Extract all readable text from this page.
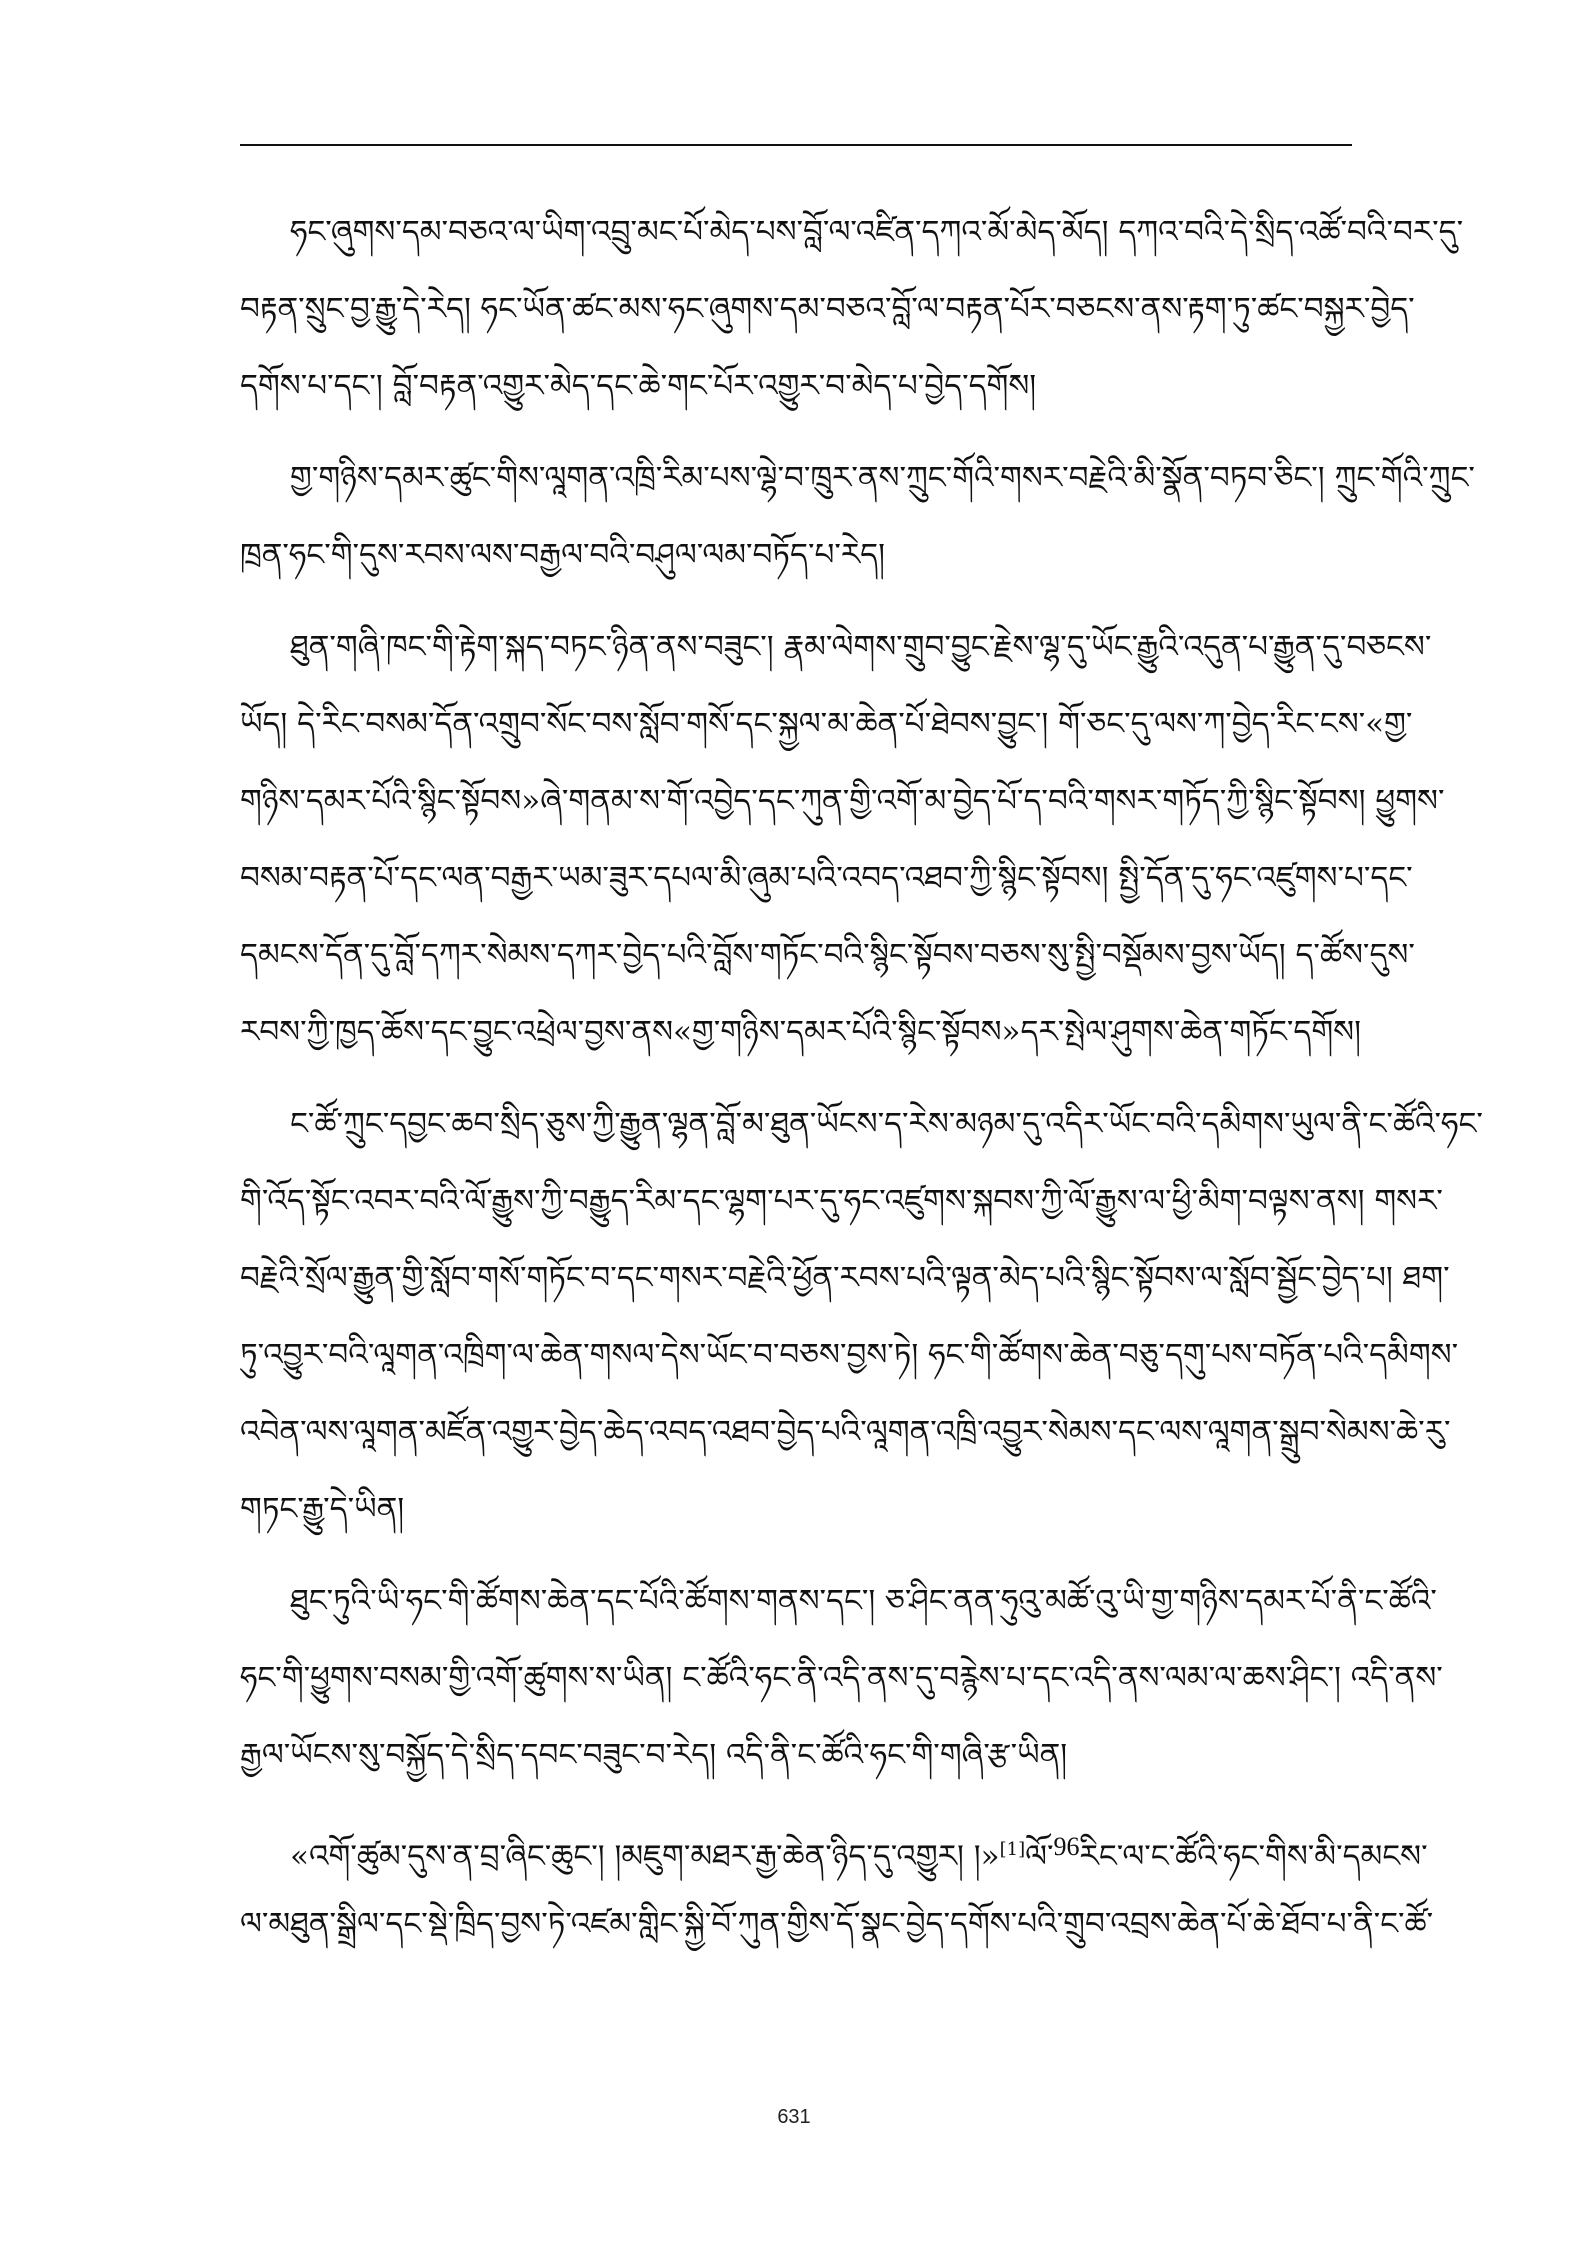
ཧང་ཞུགས་དམ་བཅའ་ལ་ཡིག་འབྲུ་མང་པོ་མེད་པས་བློ་ལ་འཛིན་དཀའ་མོ་མེད་མོད། དཀའ་བའི་དེ་སྲིད་འཚོ་བའི་བར་དུ་
བརྟན་སྲུང་བྱ་རྒྱུ་དེ་རེད། ཧང་ཡོན་ཚང་མས་ཧང་ཞུགས་དམ་བཅའ་བློ་ལ་བརྟན་པོར་བཅངས་ནས་རྟག་ཏུ་ཚང་བསྐྱར་བྱེད་
དགོས་པ་དང་། བློ་བརྟན་འགྱུར་མེད་དང་ཆེ་གང་པོར་འགྱུར་བ་མེད་པ་བྱེད་དགོས།
གྱ་གཉིས་དམར་ཚུང་གིས་ལཱགན་འཁྲི་རིམ་པས་ལྷེ་བ་ཁྲུར་ནས་ཀྲུང་གོའི་གསར་བརྗེའི་མི་སྣོན་བཏབ་ཅིང་། ཀྲུང་གོའི་ཀྲུང་
ཁྲན་ཧང་གི་དུས་རབས་ལས་བརྒྱལ་བའི་བཤུལ་ལམ་བཏོད་པ་རེད།
ཐུན་གཞི་ཁང་གི་རྟེག་སྐད་བཏང་ཉིན་ནས་བཟུང་། རྣམ་ལེགས་གྲུབ་བྱུང་རྗེས་ལྷ་དུ་ཡོང་རྒྱུའི་འདུན་པ་རྒྱུན་དུ་བཅངས་
ཡོད། དེ་རིང་བསམ་དོན་འགྲུབ་སོང་བས་སློབ་གསོ་དང་སྐྱལ་མ་ཆེན་པོ་ཐེབས་བྱུང་། གོ་ཅང་དུ་ལས་ཀ་བྱེད་རིང་ངས་«གྱ་
གཉིས་དམར་པོའི་སྙིང་སྟོབས»ཞེ་གནམ་ས་གོ་འབྱེད་དང་ཀུན་གྱི་འགོ་མ་བྱེད་པོ་ད་བའི་གསར་གཏོད་ཀྱི་སྙིང་སྟོབས། ཕྱུགས་
བསམ་བརྟན་པོ་དང་ལན་བརྒྱར་ཡམ་ཟུར་དཔལ་མི་ཞུམ་པའི་འབད་འཐབ་ཀྱི་སྙིང་སྟོབས། སྤྱི་དོན་དུ་ཧང་འཛུགས་པ་དང་
དམངས་དོན་དུ་བློ་དཀར་སེམས་དཀར་བྱེད་པའི་བློས་གཏོང་བའི་སྙིང་སྟོབས་བཅས་སུ་སྤྱི་བསྡོམས་བྱས་ཡོད། ད་ཚོས་དུས་
རབས་ཀྱི་ཁྱད་ཆོས་དང་བྱུང་འཕྲེལ་བྱས་ནས«གྱ་གཉིས་དམར་པོའི་སྙིང་སྟོབས»དར་སྤེལ་ཤུགས་ཆེན་གཏོང་དགོས།
ང་ཚོ་ཀྲུང་དབྱང་ཆབ་སྲིད་ཅུས་ཀྱི་རྒྱུན་ལྷན་བློ་མ་ཐུན་ཡོངས་ད་རེས་མཉམ་དུ་འདིར་ཡོང་བའི་དམིགས་ཡུལ་ནི་ང་ཚོའི་ཧང་
གི་འོད་སྟོང་འབར་བའི་ལོ་རྒྱུས་ཀྱི་བརྒྱུད་རིམ་དང་ལྷག་པར་དུ་ཧང་འཛུགས་སྐབས་ཀྱི་ལོ་རྒྱུས་ལ་ཕྱི་མིག་བལྟས་ནས། གསར་
བརྗེའི་སྲོལ་རྒྱུན་གྱི་སློབ་གསོ་གཏོང་བ་དང་གསར་བརྗེའི་ཕྱོན་རབས་པའི་ལྟན་མེད་པའི་སྙིང་སྟོབས་ལ་སློབ་སྦྱོང་བྱེད་པ། ཐག་
ཏུ་འབྱུར་བའི་ལཱགན་འཁྲིག་ལ་ཆེན་གསལ་དེས་ཡོང་བ་བཅས་བྱས་ཏེ། ཧང་གི་ཚོགས་ཆེན་བཅུ་དགུ་པས་བཏོན་པའི་དམིགས་
འབེན་ལས་ལཱགན་མཛོན་འགྱུར་བྱེད་ཆེད་འབད་འཐབ་བྱེད་པའི་ལཱགན་འཁྲི་འབྱུར་སེམས་དང་ལས་ལཱགན་སྒྲུབ་སེམས་ཆེ་རུ་
གཏང་རྒྱུ་དེ་ཡིན།
ཐུང་ཏུའི་ཡི་ཧང་གི་ཚོགས་ཆེན་དང་པོའི་ཚོགས་གནས་དང་། ཅ་ཤིང་ནན་ཧུའུ་མཚོ་འུ་ཡི་གྱ་གཉིས་དམར་པོ་ནི་ང་ཚོའི་
ཧང་གི་ཕྱུགས་བསམ་གྱི་འགོ་ཚུགས་ས་ཡིན། ང་ཚོའི་ཧང་ནི་འདི་ནས་དུ་བརྙེས་པ་དང་འདི་ནས་ལམ་ལ་ཆས་ཤིང་། འདི་ནས་
རྒྱལ་ཡོངས་སུ་བསྐྱོད་དེ་སྲིད་དབང་བཟུང་བ་རེད། འདི་ནི་ང་ཚོའི་ཧང་གི་གཞི་རྩ་ཡིན།
«འགོ་ཚུམ་དུས་ན་བྲ་ཞིང་ཆུང་། །མཇུག་མཐར་རྒྱ་ཆེན་ཉིད་དུ་འགྱུར། །»[1]ལོ་$^{96}$རིང་ལ་ང་ཚོའི་ཧང་གིས་མི་དམངས་
ལ་མཐུན་སྒྲིལ་དང་སྡེ་ཁྲིད་བྱས་ཏེ་འཛམ་གླིང་སྐྱི་བོ་ཀུན་གྱིས་དོ་སྣང་བྱེད་དགོས་པའི་གྲུབ་འབྲས་ཆེན་པོ་ཆེ་ཐོབ་པ་ནི་ང་ཚོ་
631
